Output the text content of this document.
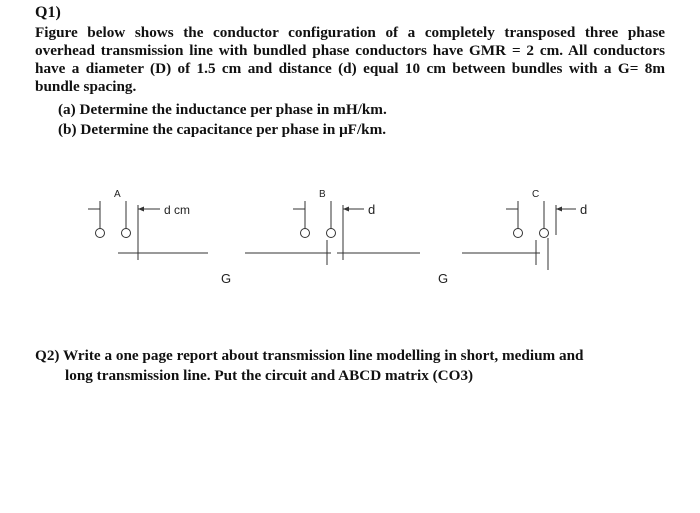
Q1)
Figure below shows the conductor configuration of a completely transposed three phase overhead transmission line with bundled phase conductors have GMR = 2 cm. All conductors have a diameter (D) of 1.5 cm and distance (d) equal 10 cm between bundles with a G= 8m bundle spacing.
(a) Determine the inductance per phase in mH/km.
(b) Determine the capacitance per phase in μF/km.
A	B	C
d cm	d	d
G	G
Q2) Write a one page report about transmission line modelling in short, medium and
long transmission line. Put the circuit and ABCD matrix (CO3)
